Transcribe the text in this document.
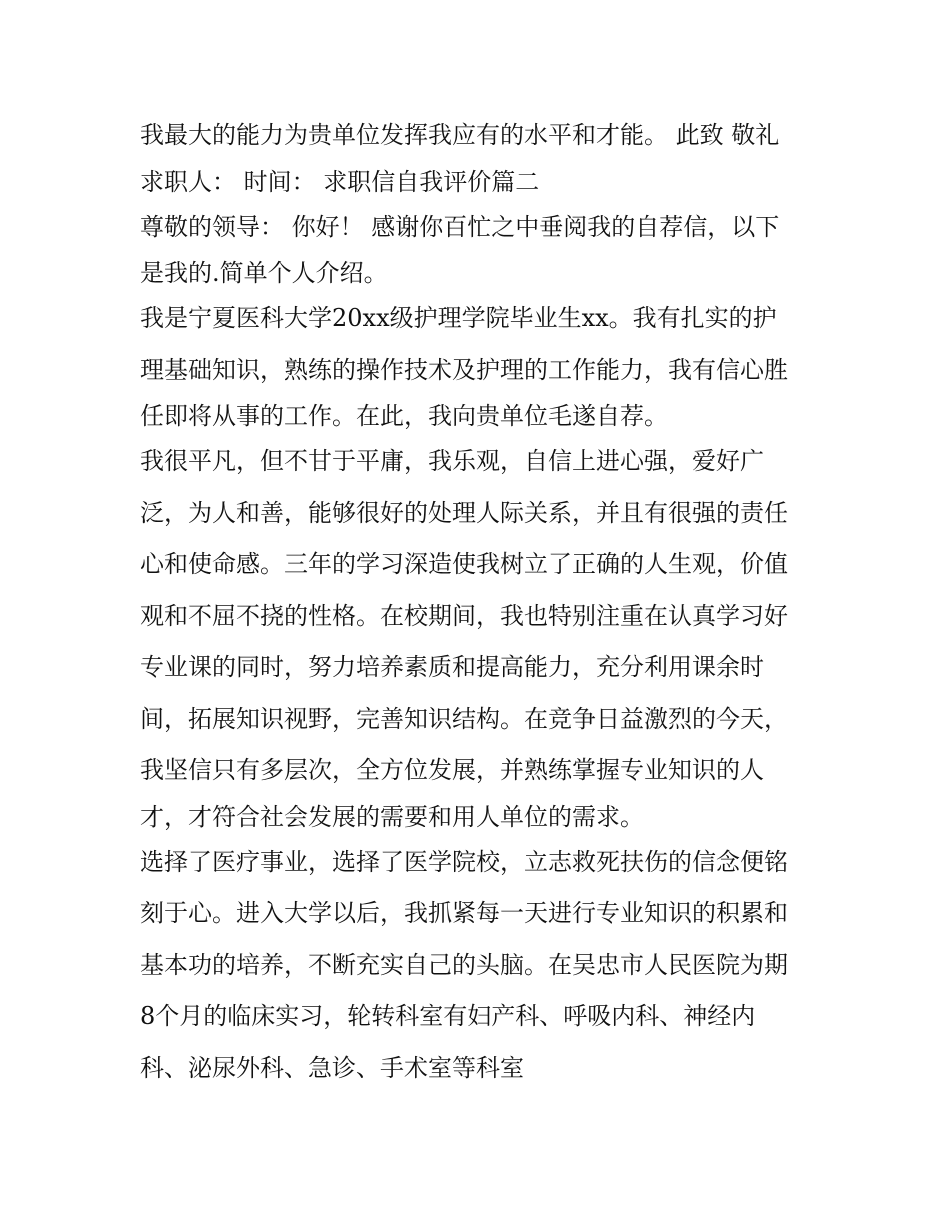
我最大的能力为贵单位发挥我应有的水平和才能。 此致 敬礼
求职人： 时间： 求职信自我评价篇二
尊敬的领导： 你好！ 感谢你百忙之中垂阅我的自荐信，以下
是我的.简单个人介绍。
我是宁夏医科大学20xx级护理学院毕业生xx。我有扎实的护
理基础知识，熟练的操作技术及护理的工作能力，我有信心胜
任即将从事的工作。在此，我向贵单位毛遂自荐。
我很平凡，但不甘于平庸，我乐观，自信上进心强，爱好广
泛，为人和善，能够很好的处理人际关系，并且有很强的责任
心和使命感。三年的学习深造使我树立了正确的人生观，价值
观和不屈不挠的性格。在校期间，我也特别注重在认真学习好
专业课的同时，努力培养素质和提高能力，充分利用课余时
间，拓展知识视野，完善知识结构。在竞争日益激烈的今天，
我坚信只有多层次，全方位发展，并熟练掌握专业知识的人
才，才符合社会发展的需要和用人单位的需求。
选择了医疗事业，选择了医学院校，立志救死扶伤的信念便铭
刻于心。进入大学以后，我抓紧每一天进行专业知识的积累和
基本功的培养，不断充实自己的头脑。在吴忠市人民医院为期
8个月的临床实习，轮转科室有妇产科、呼吸内科、神经内
科、泌尿外科、急诊、手术室等科室
